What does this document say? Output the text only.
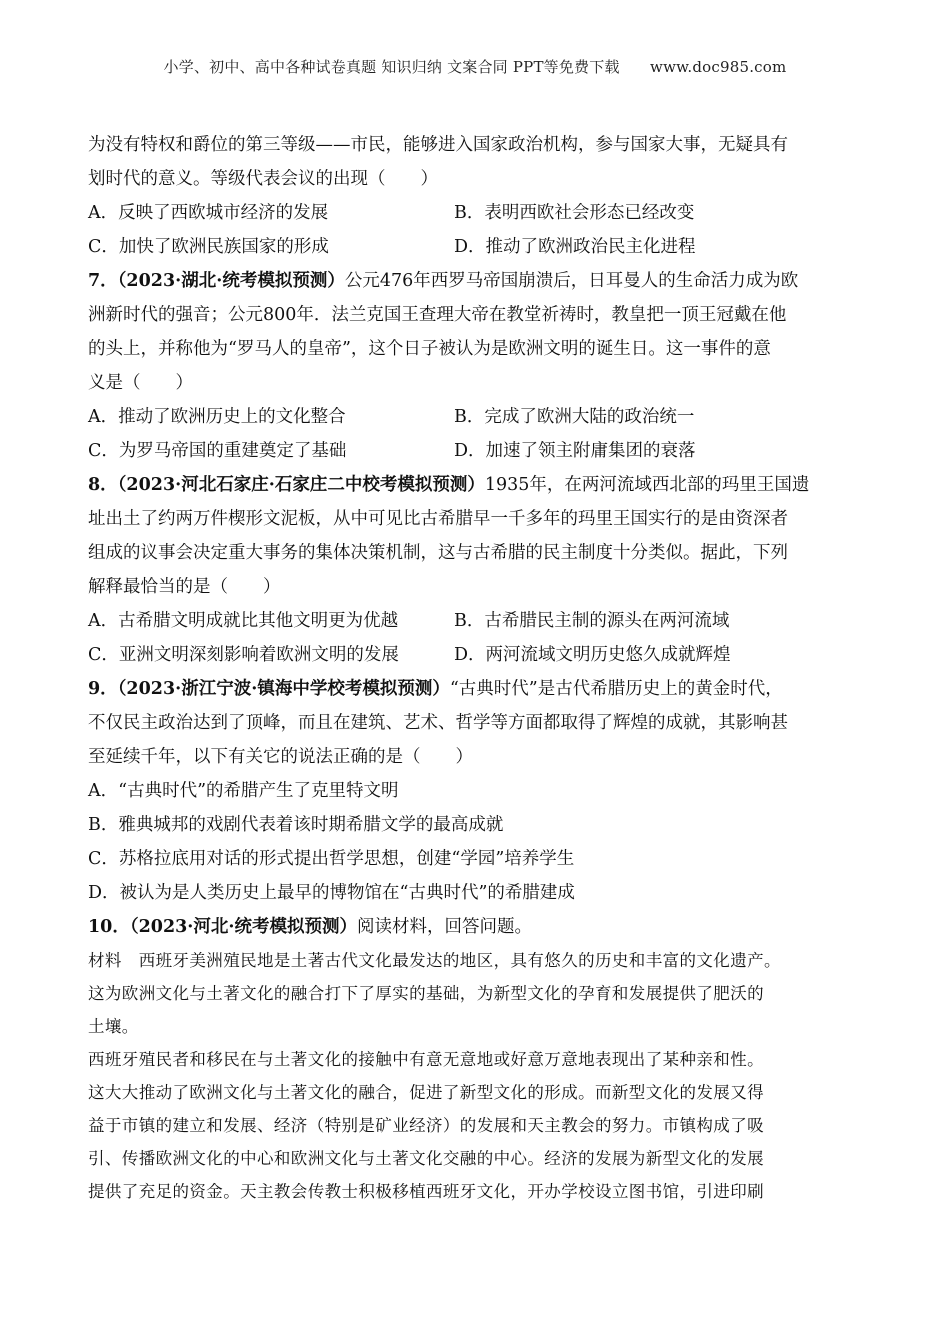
小学、初中、高中各种试卷真题 知识归纳 文案合同 PPT等免费下载　　www.doc985.com
为没有特权和爵位的第三等级——市民，能够进入国家政治机构，参与国家大事，无疑具有
划时代的意义。等级代表会议的出现（　　）
A．反映了西欧城市经济的发展	B．表明西欧社会形态已经改变
C．加快了欧洲民族国家的形成	D．推动了欧洲政治民主化进程
7．（2023·湖北·统考模拟预测）公元476年西罗马帝国崩溃后，日耳曼人的生命活力成为欧
洲新时代的强音；公元800年．法兰克国王查理大帝在教堂祈祷时，教皇把一顶王冠戴在他
的头上，并称他为“罗马人的皇帝”，这个日子被认为是欧洲文明的诞生日。这一事件的意
义是（　　）
A．推动了欧洲历史上的文化整合	B．完成了欧洲大陆的政治统一
C．为罗马帝国的重建奠定了基础	D．加速了领主附庸集团的衰落
8．（2023·河北石家庄·石家庄二中校考模拟预测）1935年，在两河流域西北部的玛里王国遗
址出土了约两万件楔形文泥板，从中可见比古希腊早一千多年的玛里王国实行的是由资深者
组成的议事会决定重大事务的集体决策机制，这与古希腊的民主制度十分类似。据此，下列
解释最恰当的是（　　）
A．古希腊文明成就比其他文明更为优越	B．古希腊民主制的源头在两河流域
C．亚洲文明深刻影响着欧洲文明的发展	D．两河流域文明历史悠久成就辉煌
9．（2023·浙江宁波·镇海中学校考模拟预测）“古典时代”是古代希腊历史上的黄金时代，
不仅民主政治达到了顶峰，而且在建筑、艺术、哲学等方面都取得了辉煌的成就，其影响甚
至延续千年，以下有关它的说法正确的是（　　）
A．“古典时代”的希腊产生了克里特文明
B．雅典城邦的戏剧代表着该时期希腊文学的最高成就
C．苏格拉底用对话的形式提出哲学思想，创建“学园”培养学生
D．被认为是人类历史上最早的博物馆在“古典时代”的希腊建成
10．（2023·河北·统考模拟预测）阅读材料，回答问题。
材料　西班牙美洲殖民地是土著古代文化最发达的地区，具有悠久的历史和丰富的文化遗产。
这为欧洲文化与土著文化的融合打下了厚实的基础，为新型文化的孕育和发展提供了肥沃的
土壤。
西班牙殖民者和移民在与土著文化的接触中有意无意地或好意万意地表现出了某种亲和性。
这大大推动了欧洲文化与土著文化的融合，促进了新型文化的形成。而新型文化的发展又得
益于市镇的建立和发展、经济（特别是矿业经济）的发展和天主教会的努力。市镇构成了吸
引、传播欧洲文化的中心和欧洲文化与土著文化交融的中心。经济的发展为新型文化的发展
提供了充足的资金。天主教会传教士积极移植西班牙文化，开办学校设立图书馆，引进印刷
